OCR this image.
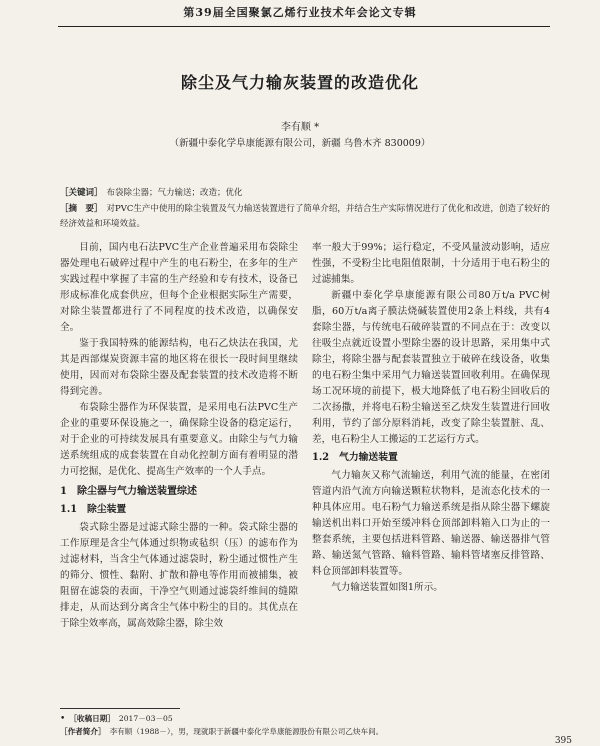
第39届全国聚氯乙烯行业技术年会论文专辑
除尘及气力输灰装置的改造优化
李有顺 *
（新疆中泰化学阜康能源有限公司，新疆 乌鲁木齐 830009）
［关键词］ 布袋除尘器；气力输送；改造；优化
［摘　要］ 对PVC生产中使用的除尘装置及气力输送装置进行了简单介绍，并结合生产实际情况进行了优化和改进，创造了较好的经济效益和环境效益。

目前，国内电石法PVC生产企业普遍采用布袋除尘器处理电石破碎过程中产生的电石粉尘，在多年的生产实践过程中掌握了丰富的生产经验和专有技术，设备已形成标准化成套供应，但每个企业根据实际生产需要，对除尘装置都进行了不同程度的技术改造，以确保安全。

鉴于我国特殊的能源结构，电石乙炔法在我国，尤其是西部煤炭资源丰富的地区将在很长一段时间里继续使用，因而对布袋除尘器及配套装置的技术改造将不断得到完善。

布袋除尘器作为环保装置，是采用电石法PVC生产企业的重要环保设施之一，确保除尘设备的稳定运行，对于企业的可持续发展具有重要意义。由除尘与气力输送系统组成的成套装置在自动化控制方面有着明显的潜力可挖掘，是优化、提高生产效率的一个人手点。

1 除尘器与气力输送装置综述
1.1 除尘装置

袋式除尘器是过滤式除尘器的一种。袋式除尘器的工作原理是含尘气体通过织物或毡织（压）的滤布作为过滤材料，当含尘气体通过滤袋时，粉尘通过惯性产生的筛分、惯性、黏附、扩散和静电等作用而被捕集，被阻留在滤袋的表面，干净空气则通过滤袋纤维间的缝隙排走，从而达到分离含尘气体中粉尘的目的。其优点在于除尘效率高，属高效除尘器，除尘效

率一般大于99%；运行稳定，不受风量波动影响，适应性强，不受粉尘比电阻值限制，十分适用于电石粉尘的过滤捕集。

新疆中泰化学阜康能源有限公司80万t/a PVC树脂，60万t/a离子膜法烧碱装置使用2条上料线，共有4套除尘器，与传统电石破碎装置的不同点在于：改变以往吸尘点就近设置小型除尘器的设计思路，采用集中式除尘，将除尘器与配套装置独立于破碎在线设备，收集的电石粉尘集中采用气力输送装置回收利用。在确保现场工况环境的前提下，极大地降低了电石粉尘回收后的二次扬撒，并将电石粉尘输送至乙炔发生装置进行回收利用，节约了部分原料消耗，改变了除尘装置脏、乱、差，电石粉尘人工搬运的工艺运行方式。

1.2 气力输送装置

气力输灰又称气流输送，利用气流的能量，在密闭管道内沿气流方向输送颗粒状物料，是流态化技术的一种具体应用。电石粉气力输送系统是指从除尘器下螺旋输送机出料口开始至缓冲料仓顶部卸料箱入口为止的一整套系统，主要包括进料管路、输送器、输送器排气管路、输送氮气管路、输料管路、输料管堵塞反排管路、料仓顶部卸料装置等。

气力输送装置如图1所示。

• ［收稿日期］ 2017－03－05
［作者简介］ 李有顺（1988－），男，现就职于新疆中泰化学阜康能源股份有限公司乙炔车间。
395
